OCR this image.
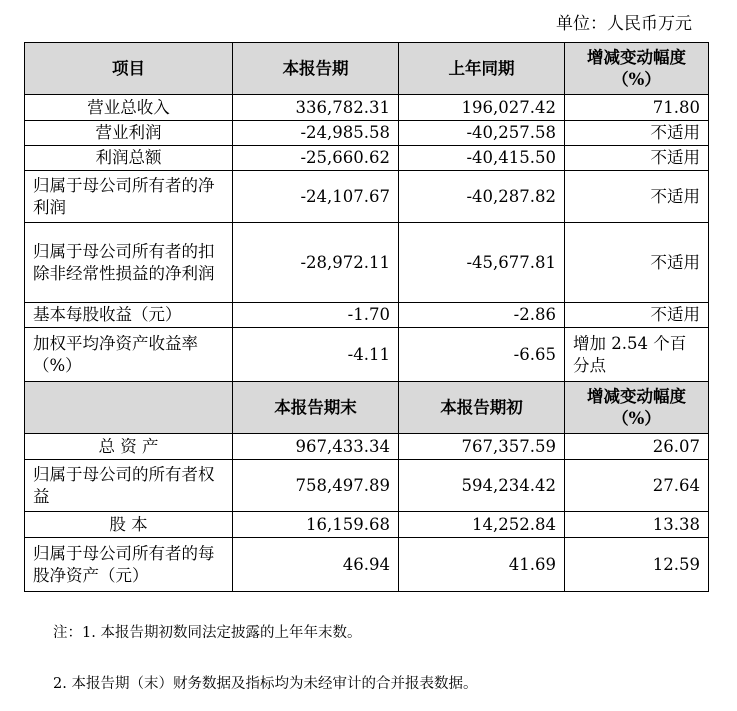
单位：人民币万元
项目	本报告期	上年同期	增减变动幅度（%）
营业总收入	336,782.31	196,027.42	71.80
营业利润	-24,985.58	-40,257.58	不适用
利润总额	-25,660.62	-40,415.50	不适用
归属于母公司所有者的净利润	-24,107.67	-40,287.82	不适用
归属于母公司所有者的扣除非经常性损益的净利润	-28,972.11	-45,677.81	不适用
基本每股收益（元）	-1.70	-2.86	不适用
加权平均净资产收益率（%）	-4.11	-6.65	增加 2.54 个百分点
	本报告期末	本报告期初	增减变动幅度（%）
总 资 产	967,433.34	767,357.59	26.07
归属于母公司的所有者权益	758,497.89	594,234.42	27.64
股 本	16,159.68	14,252.84	13.38
归属于母公司所有者的每股净资产（元）	46.94	41.69	12.59
注：1. 本报告期初数同法定披露的上年年末数。
2. 本报告期（末）财务数据及指标均为未经审计的合并报表数据。
